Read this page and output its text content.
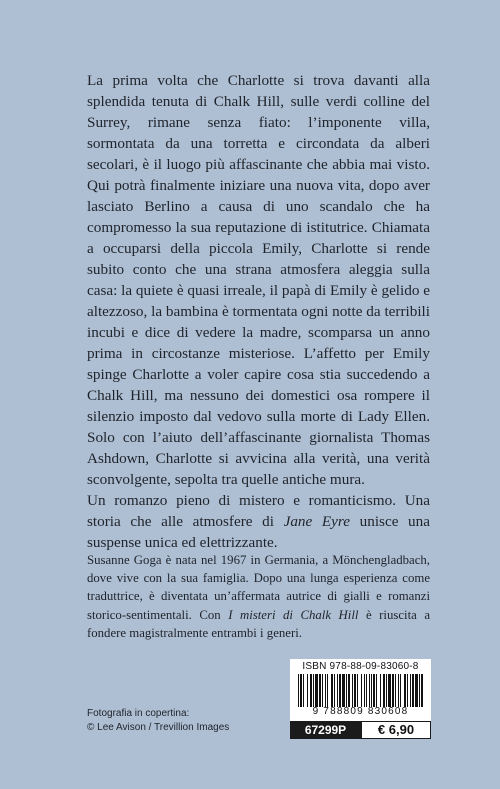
La prima volta che Charlotte si trova davanti alla splendida tenuta di Chalk Hill, sulle verdi colline del Surrey, rimane senza fiato: l’imponente villa, sormontata da una torretta e circondata da alberi secolari, è il luogo più affascinante che abbia mai visto. Qui potrà finalmente iniziare una nuova vita, dopo aver lasciato Berlino a causa di uno scandalo che ha compromesso la sua reputazione di istitutrice. Chiamata a occuparsi della piccola Emily, Charlotte si rende subito conto che una strana atmosfera aleggia sulla casa: la quiete è quasi irreale, il papà di Emily è gelido e altezzoso, la bambina è tormentata ogni notte da terribili incubi e dice di vedere la madre, scomparsa un anno prima in circostanze misteriose. L’affetto per Emily spinge Charlotte a voler capire cosa stia succedendo a Chalk Hill, ma nessuno dei domestici osa rompere il silenzio imposto dal vedovo sulla morte di Lady Ellen. Solo con l’aiuto dell’affascinante giornalista Thomas Ashdown, Charlotte si avvicina alla verità, una verità sconvolgente, sepolta tra quelle antiche mura.

Un romanzo pieno di mistero e romanticismo. Una storia che alle atmosfere di Jane Eyre unisce una suspense unica ed elettrizzante.

Susanne Goga è nata nel 1967 in Germania, a Mönchengladbach, dove vive con la sua famiglia. Dopo una lunga esperienza come traduttrice, è diventata un’affermata autrice di gialli e romanzi storico-sentimentali. Con I misteri di Chalk Hill è riuscita a fondere magistralmente entrambi i generi.

Fotografia in copertina:
© Lee Avison / Trevillion Images
ISBN 978-88-09-83060-8
9 788809 830608
67299P	€ 6,90
